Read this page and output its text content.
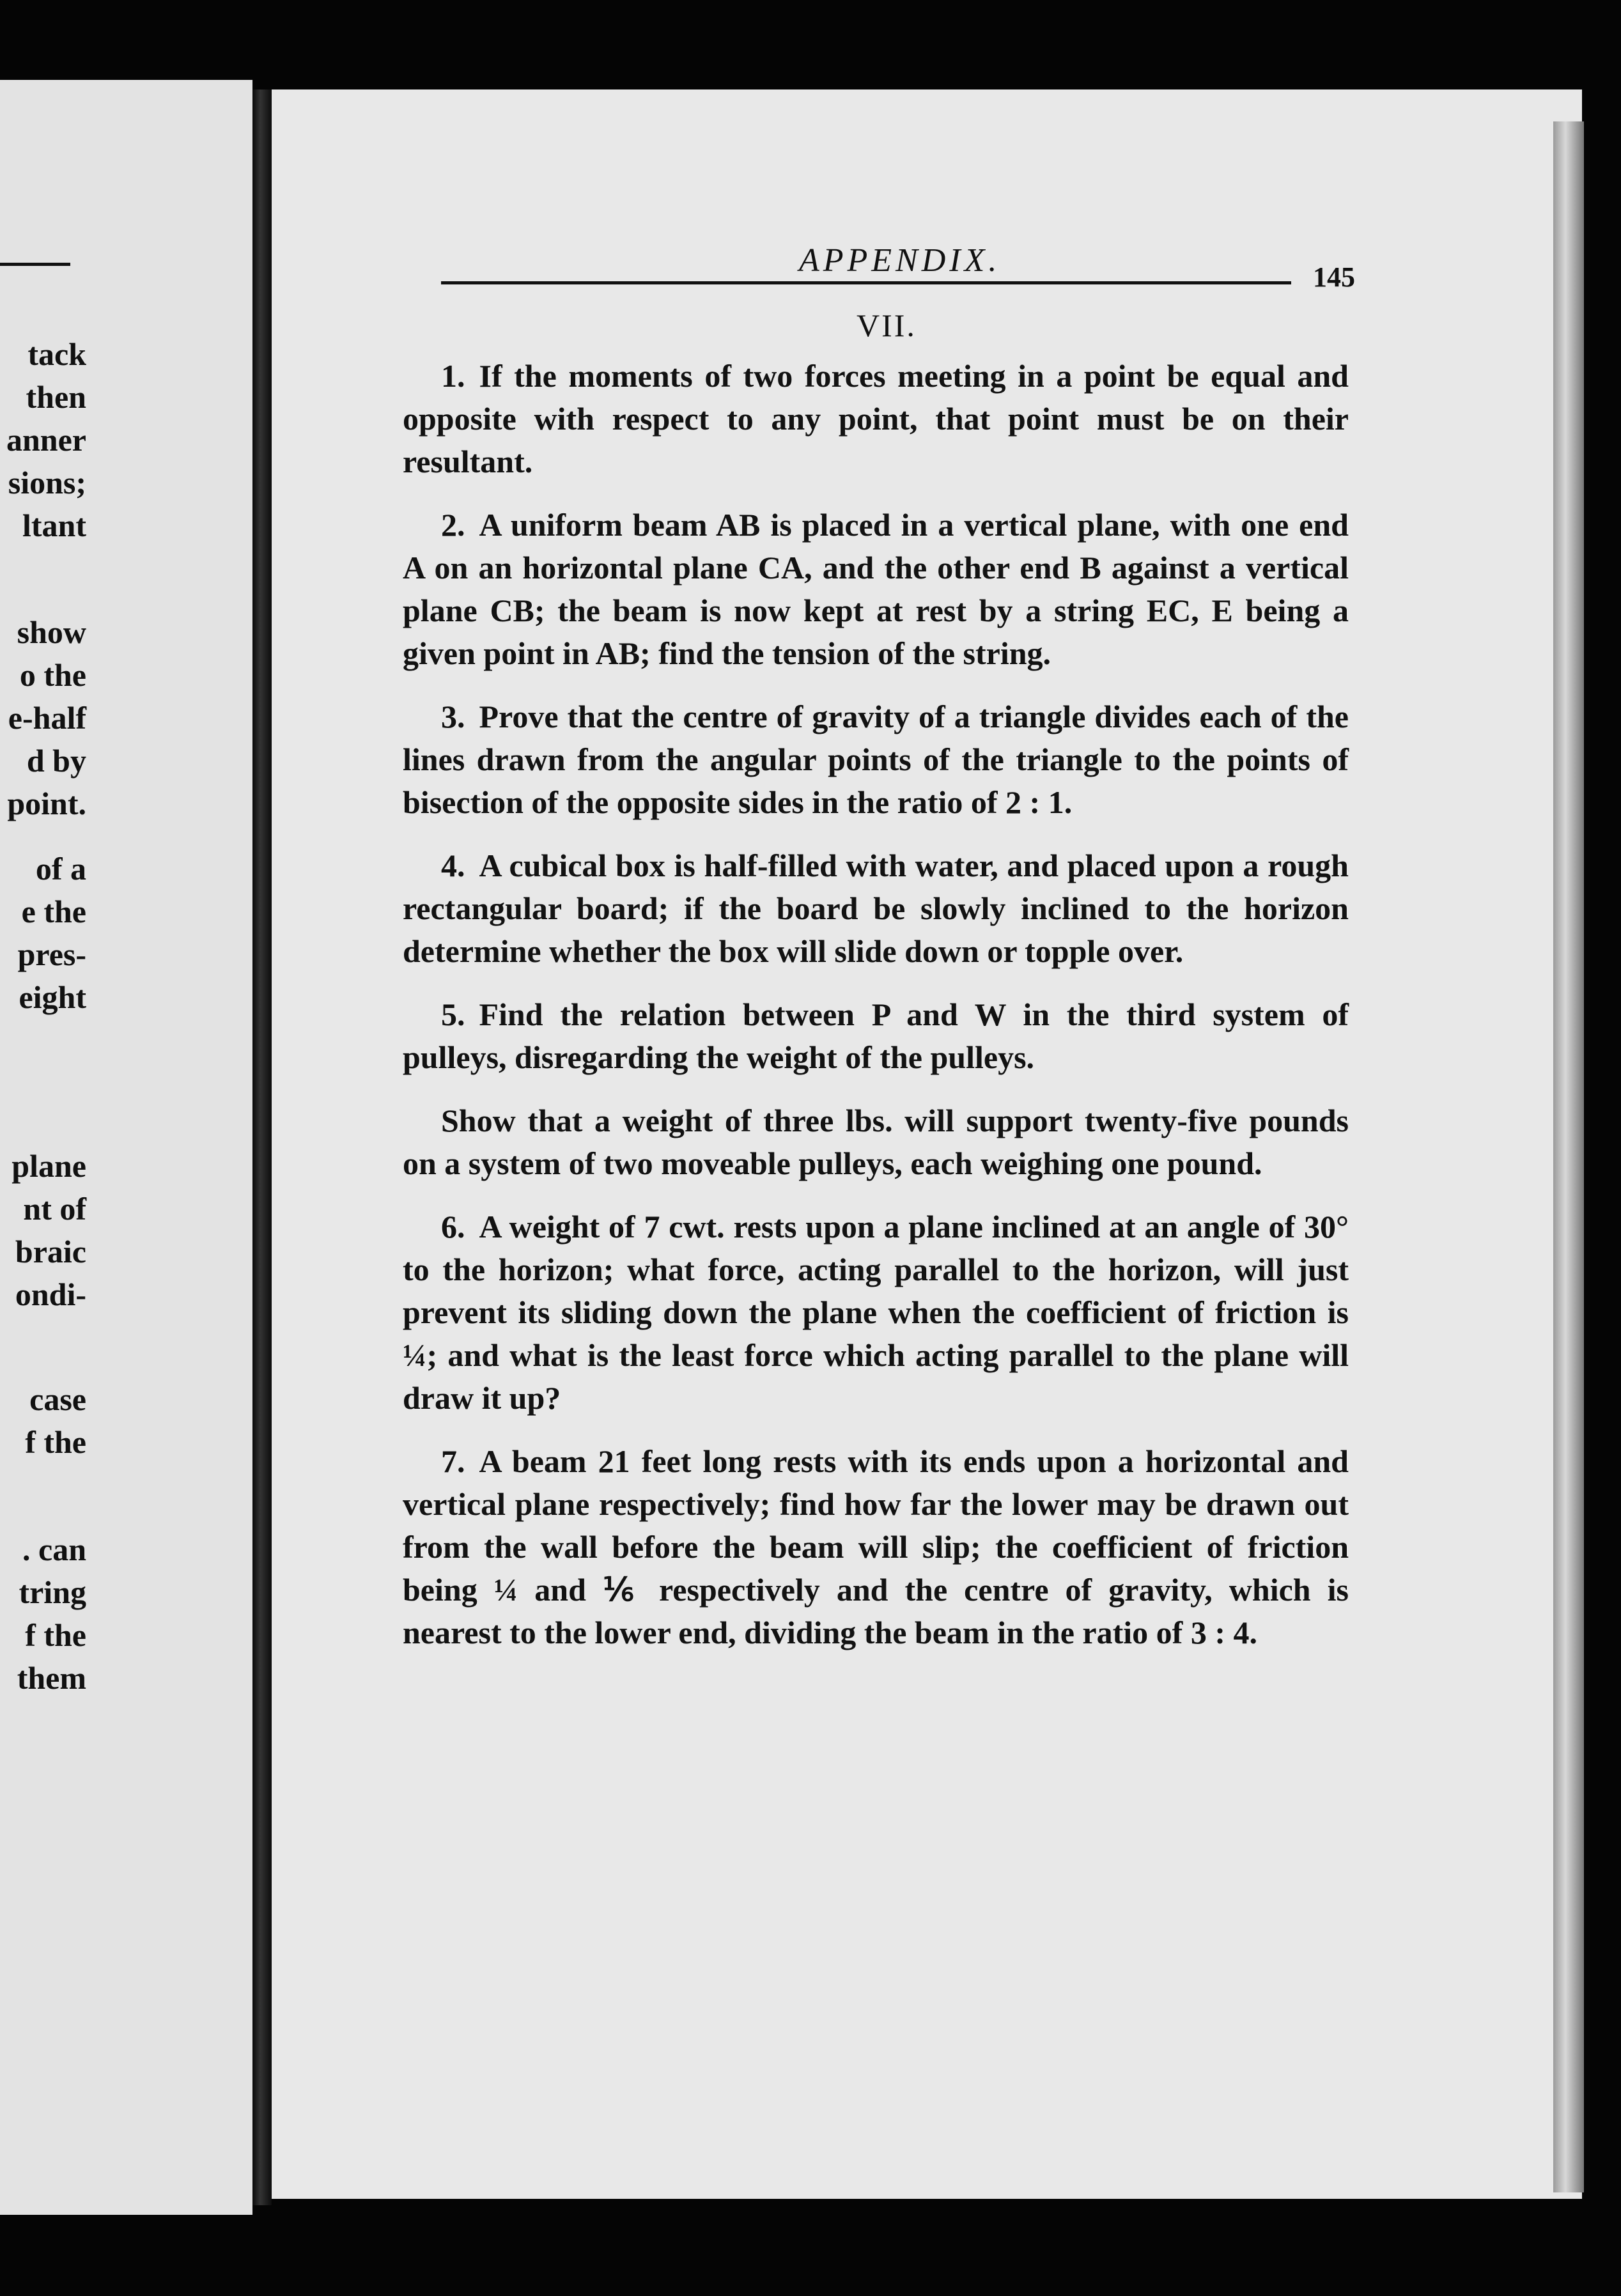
tack
then
anner
sions;
ltant
show
o the
e-half
d by
point.
of a
e the
pres-
eight
plane
nt of
braic
ondi-
case
f the
. can
tring
f the
them
APPENDIX.	145
VII.

1. If the moments of two forces meeting in a point be equal and opposite with respect to any point, that point must be on their resultant.

2. A uniform beam AB is placed in a vertical plane, with one end A on an horizontal plane CA, and the other end B against a vertical plane CB; the beam is now kept at rest by a string EC, E being a given point in AB; find the tension of the string.

3. Prove that the centre of gravity of a triangle divides each of the lines drawn from the angular points of the triangle to the points of bisection of the opposite sides in the ratio of 2 : 1.

4. A cubical box is half-filled with water, and placed upon a rough rectangular board; if the board be slowly inclined to the horizon determine whether the box will slide down or topple over.

5. Find the relation between P and W in the third system of pulleys, disregarding the weight of the pulleys.

Show that a weight of three lbs. will support twenty-five pounds on a system of two moveable pulleys, each weighing one pound.

6. A weight of 7 cwt. rests upon a plane inclined at an angle of 30° to the horizon; what force, acting parallel to the horizon, will just prevent its sliding down the plane when the coefficient of friction is ¼; and what is the least force which acting parallel to the plane will draw it up?

7. A beam 21 feet long rests with its ends upon a horizontal and vertical plane respectively; find how far the lower may be drawn out from the wall before the beam will slip; the coefficient of friction being ¼ and ⅙ respectively and the centre of gravity, which is nearest to the lower end, dividing the beam in the ratio of 3 : 4.
